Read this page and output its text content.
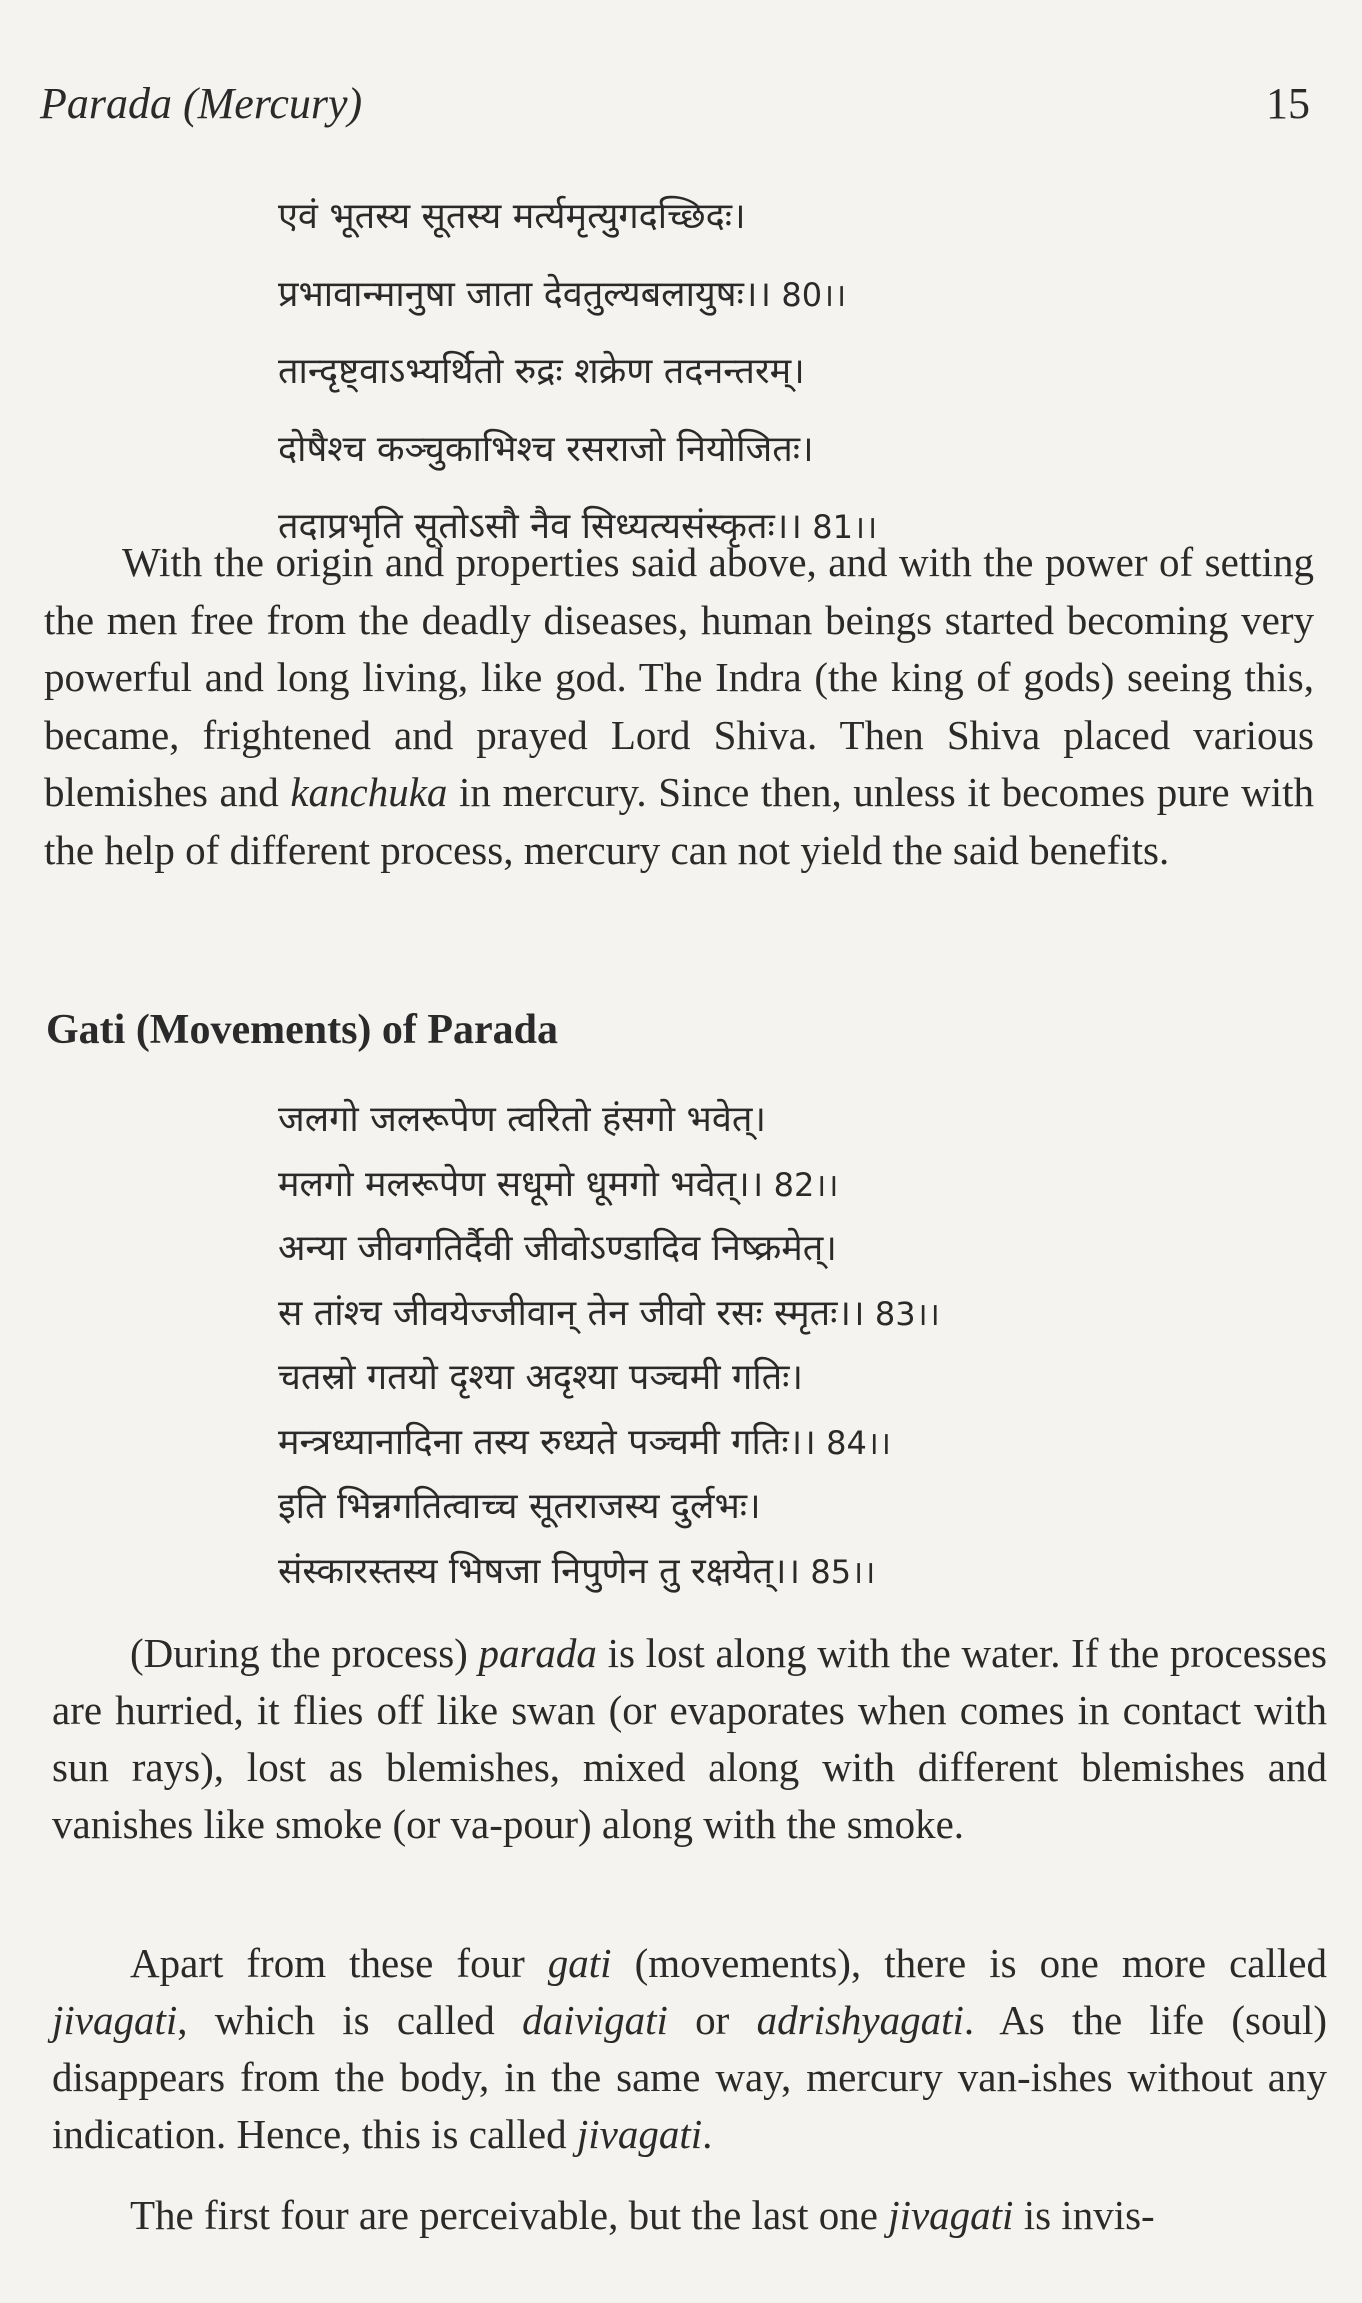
Parada (Mercury)	15
एवं भूतस्य सूतस्य मर्त्यमृत्युगदच्छिदः।
प्रभावान्मानुषा जाता देवतुल्यबलायुषः।। 80।।
तान्दृष्ट्वाऽभ्यर्थितो रुद्रः शक्रेण तदनन्तरम्।
दोषैश्च कञ्चुकाभिश्च रसराजो नियोजितः।
तदाप्रभृति सूतोऽसौ नैव सिध्यत्यसंस्कृतः।। 81।।

With the origin and properties said above, and with the power of setting the men free from the deadly diseases, human beings started becoming very powerful and long living, like god. The Indra (the king of gods) seeing this, became, frightened and prayed Lord Shiva. Then Shiva placed various blemishes and kanchuka in mercury. Since then, unless it becomes pure with the help of different process, mercury can not yield the said benefits.

Gati (Movements) of Parada
जलगो जलरूपेण त्वरितो हंसगो भवेत्।
मलगो मलरूपेण सधूमो धूमगो भवेत्।। 82।।
अन्या जीवगतिर्दैवी जीवोऽण्डादिव निष्क्रमेत्।
स तांश्च जीवयेज्जीवान् तेन जीवो रसः स्मृतः।। 83।।
चतस्रो गतयो दृश्या अदृश्या पञ्चमी गतिः।
मन्त्रध्यानादिना तस्य रुध्यते पञ्चमी गतिः।। 84।।
इति भिन्नगतित्वाच्च सूतराजस्य दुर्लभः।
संस्कारस्तस्य भिषजा निपुणेन तु रक्षयेत्।। 85।।

(During the process) parada is lost along with the water. If the processes are hurried, it flies off like swan (or evaporates when comes in contact with sun rays), lost as blemishes, mixed along with different blemishes and vanishes like smoke (or va-pour) along with the smoke.

Apart from these four gati (movements), there is one more called jivagati, which is called daivigati or adrishyagati. As the life (soul) disappears from the body, in the same way, mercury van-ishes without any indication. Hence, this is called jivagati.

The first four are perceivable, but the last one jivagati is invis-
